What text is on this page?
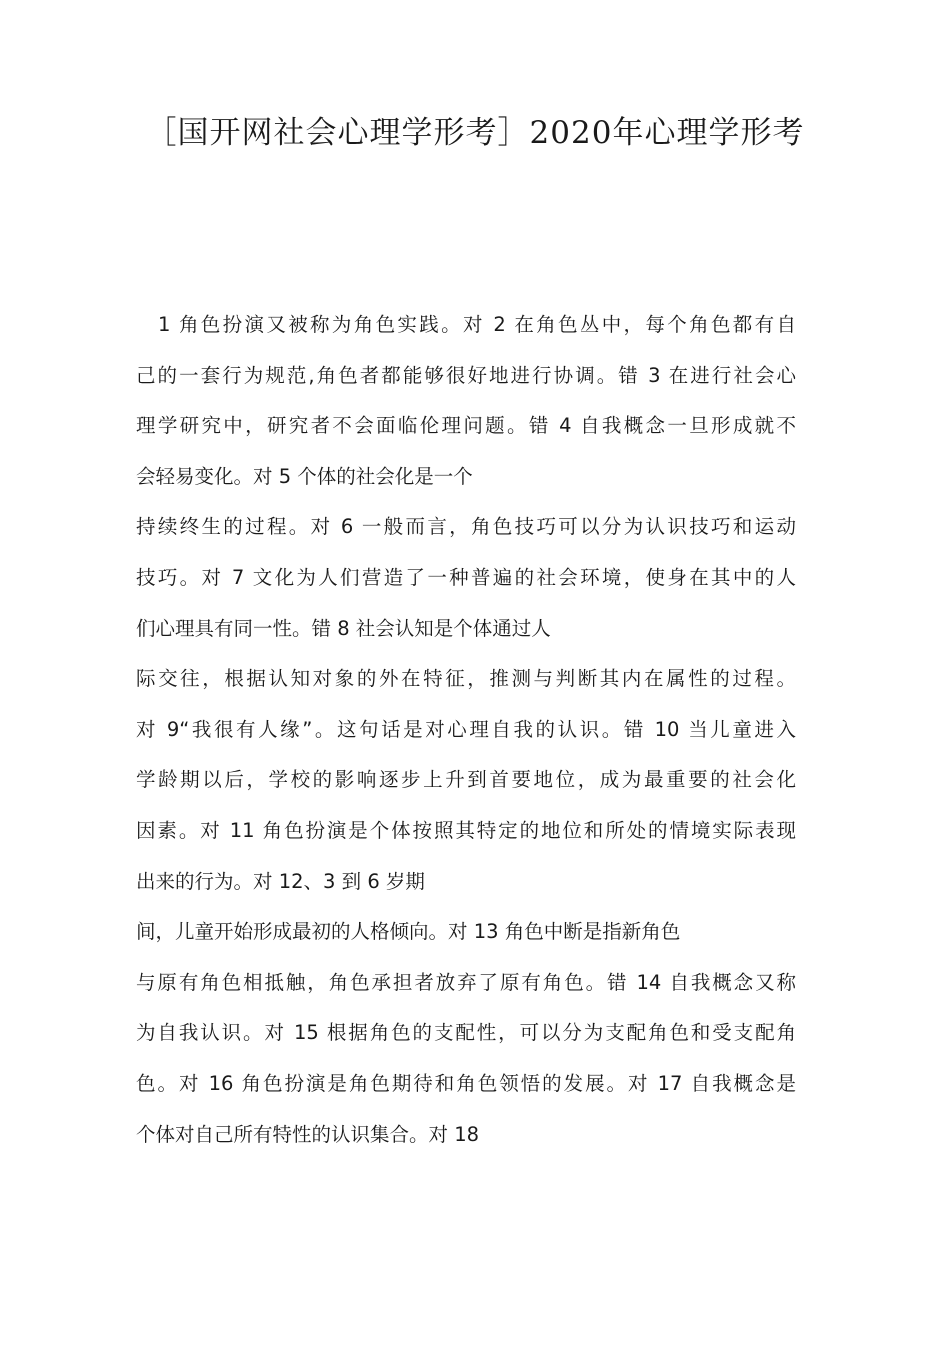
［国开网社会心理学形考］2020年心理学形考
1 角色扮演又被称为角色实践。对 2 在角色丛中，每个角色都有自
己的一套行为规范,角色者都能够很好地进行协调。错 3 在进行社会心
理学研究中，研究者不会面临伦理问题。错 4 自我概念一旦形成就不
会轻易变化。对 5 个体的社会化是一个
持续终生的过程。对 6 一般而言，角色技巧可以分为认识技巧和运动
技巧。对 7 文化为人们营造了一种普遍的社会环境，使身在其中的人
们心理具有同一性。错 8 社会认知是个体通过人
际交往，根据认知对象的外在特征，推测与判断其内在属性的过程。
对 9“我很有人缘”。这句话是对心理自我的认识。错 10 当儿童进入
学龄期以后，学校的影响逐步上升到首要地位，成为最重要的社会化
因素。对 11 角色扮演是个体按照其特定的地位和所处的情境实际表现
出来的行为。对 12、3 到 6 岁期
间，儿童开始形成最初的人格倾向。对 13 角色中断是指新角色
与原有角色相抵触，角色承担者放弃了原有角色。错 14 自我概念又称
为自我认识。对 15 根据角色的支配性，可以分为支配角色和受支配角
色。对 16 角色扮演是角色期待和角色领悟的发展。对 17 自我概念是
个体对自己所有特性的认识集合。对 18
